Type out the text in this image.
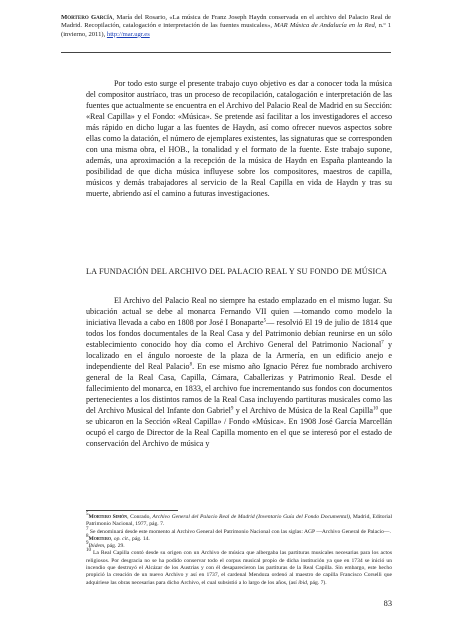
Mortero García, María del Rosario, «La música de Franz Joseph Haydn conservada en el archivo del Palacio Real de Madrid. Recopilación, catalogación e interpretación de las fuentes musicales», MAR Música de Andalucía en la Red, n.º 1 (invierno, 2011), http://mar.ugr.es

Por todo esto surge el presente trabajo cuyo objetivo es dar a conocer toda la música del compositor austríaco, tras un proceso de recopilación, catalogación e interpretación de las fuentes que actualmente se encuentra en el Archivo del Palacio Real de Madrid en su Sección: «Real Capilla» y el Fondo: «Música». Se pretende así facilitar a los investigadores el acceso más rápido en dicho lugar a las fuentes de Haydn, así como ofrecer nuevos aspectos sobre ellas como la datación, el número de ejemplares existentes, las signaturas que se corresponden con una misma obra, el HOB., la tonalidad y el formato de la fuente. Este trabajo supone, además, una aproximación a la recepción de la música de Haydn en España planteando la posibilidad de que dicha música influyese sobre los compositores, maestros de capilla, músicos y demás trabajadores al servicio de la Real Capilla en vida de Haydn y tras su muerte, abriendo así el camino a futuras investigaciones.

LA FUNDACIÓN DEL ARCHIVO DEL PALACIO REAL Y SU FONDO DE MÚSICA

El Archivo del Palacio Real no siempre ha estado emplazado en el mismo lugar. Su ubicación actual se debe al monarca Fernando VII quien —tomando como modelo la iniciativa llevada a cabo en 1808 por José I Bonaparte$^5$— resolvió El 19 de julio de 1814 que todos los fondos documentales de la Real Casa y del Patrimonio debían reunirse en un sólo establecimiento conocido hoy día como el Archivo General del Patrimonio Nacional$^7$ y localizado en el ángulo noroeste de la plaza de la Armería, en un edificio anejo e independiente del Real Palacio$^8$. En ese mismo año Ignacio Pérez fue nombrado archivero general de la Real Casa, Capilla, Cámara, Caballerizas y Patrimonio Real. Desde el fallecimiento del monarca, en 1833, el archivo fue incrementando sus fondos con documentos pertenecientes a los distintos ramos de la Real Casa incluyendo partituras musicales como las del Archivo Musical del Infante don Gabriel$^9$ y el Archivo de Música de la Real Capilla$^{10}$ que se ubicaron en la Sección «Real Capilla» / Fondo «Música». En 1908 José García Marcellán ocupó el cargo de Director de la Real Capilla momento en el que se interesó por el estado de conservación del Archivo de música y

$^5$Mortero Simón, Conrado, Archivo General del Palacio Real de Madrid (Inventario Guía del Fondo Documental), Madrid, Editorial Patrimonio Nacional, 1977, pág. 7.

$^7$ Se denominará desde este momento al Archivo General del Patrimonio Nacional con las siglas: AGP —Archivo General de Palacio—.

$^8$Mortero, op. cit., pág. 14.

$^9$Ibidem, pág. 29.

$^{10}$ La Real Capilla contó desde su origen con un Archivo de música que albergaba las partituras musicales necesarias para los actos religiosos. Por desgracia no se ha podido conservar todo el corpus musical propio de dicha institución ya que en 1734 se inició un incendio que destruyó el Alcázar de los Austrias y con él desaparecieron las partituras de la Real Capilla. Sin embargo, este hecho propició la creación de un nuevo Archivo y así en 1737, el cardenal Mendoza ordenó al maestro de capilla Francisco Corselli que adquiriese las obras necesarias para dicho Archivo, el cual subsistió a lo largo de los años, (así ibid, pág. 7).

83
